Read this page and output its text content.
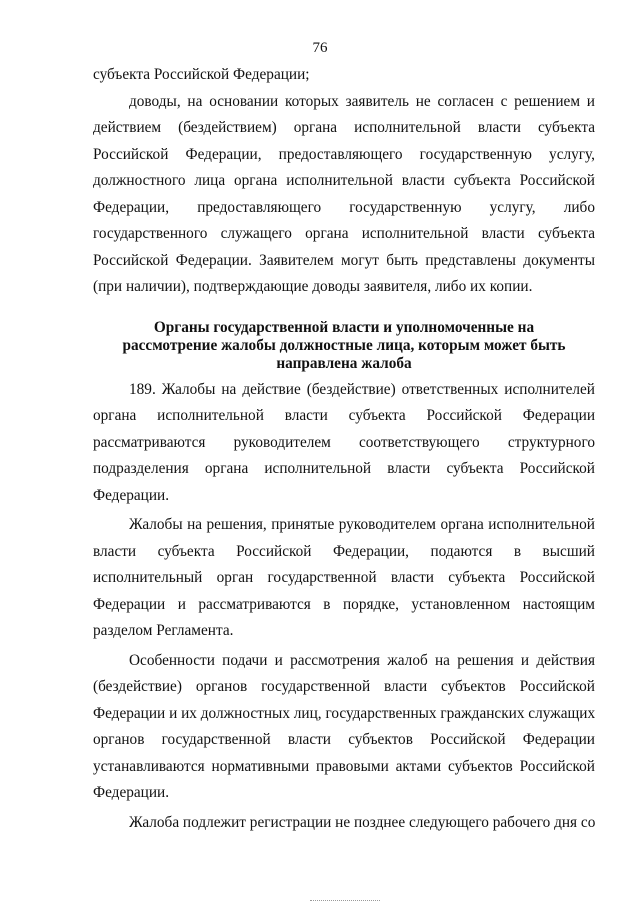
76
субъекта Российской Федерации;
доводы, на основании которых заявитель не согласен с решением и
действием (бездействием) органа исполнительной власти субъекта
Российской Федерации, предоставляющего государственную услугу,
должностного лица органа исполнительной власти субъекта Российской
Федерации, предоставляющего государственную услугу, либо
государственного служащего органа исполнительной власти субъекта
Российской Федерации. Заявителем могут быть представлены документы
(при наличии), подтверждающие доводы заявителя, либо их копии.
Органы государственной власти и уполномоченные на
рассмотрение жалобы должностные лица, которым может быть
направлена жалоба
189. Жалобы на действие (бездействие) ответственных исполнителей
органа исполнительной власти субъекта Российской Федерации
рассматриваются руководителем соответствующего структурного
подразделения органа исполнительной власти субъекта Российской
Федерации.
Жалобы на решения, принятые руководителем органа исполнительной
власти субъекта Российской Федерации, подаются в высший
исполнительный орган государственной власти субъекта Российской
Федерации и рассматриваются в порядке, установленном настоящим
разделом Регламента.
Особенности подачи и рассмотрения жалоб на решения и действия
(бездействие) органов государственной власти субъектов Российской
Федерации и их должностных лиц, государственных гражданских служащих
органов государственной власти субъектов Российской Федерации
устанавливаются нормативными правовыми актами субъектов Российской
Федерации.
Жалоба подлежит регистрации не позднее следующего рабочего дня со
